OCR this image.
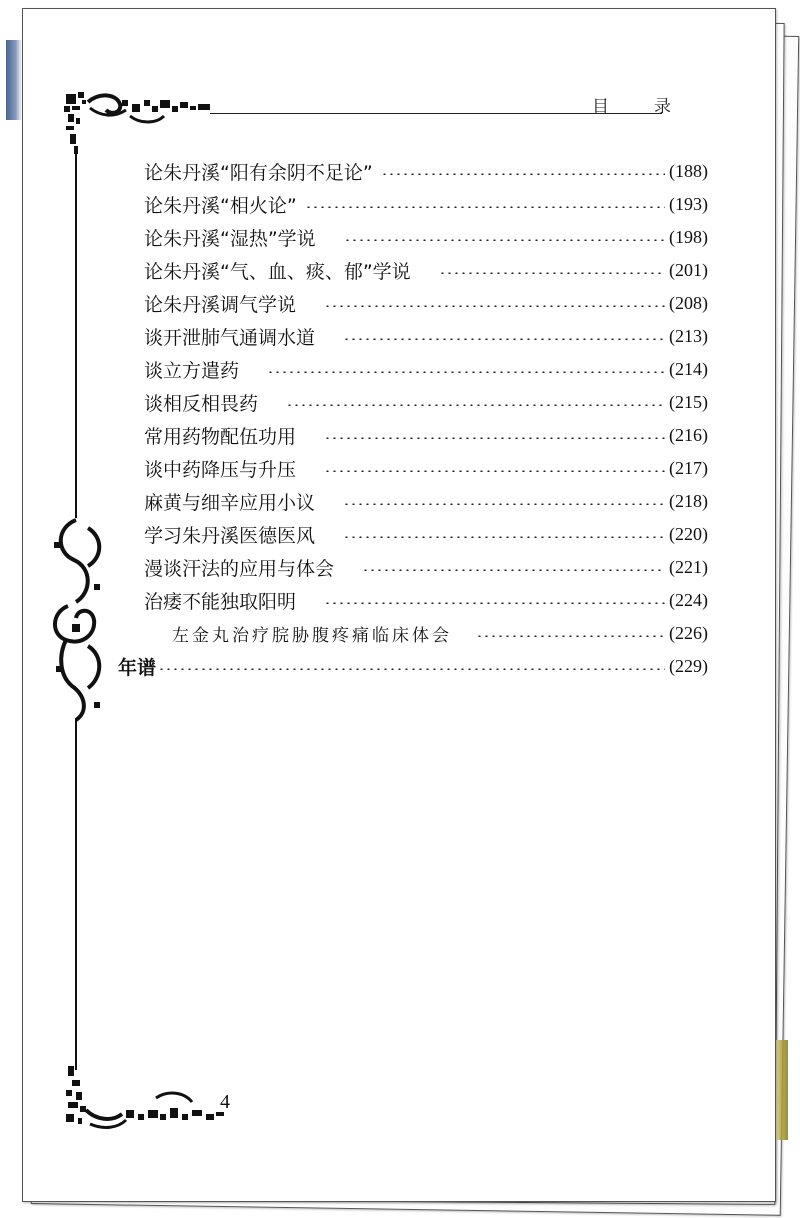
目　录
论朱丹溪“阳有余阴不足论”	(188)
论朱丹溪“相火论”	(193)
论朱丹溪“湿热”学说	(198)
论朱丹溪“气、血、痰、郁”学说	(201)
论朱丹溪调气学说	(208)
谈开泄肺气通调水道	(213)
谈立方遣药	(214)
谈相反相畏药	(215)
常用药物配伍功用	(216)
谈中药降压与升压	(217)
麻黄与细辛应用小议	(218)
学习朱丹溪医德医风	(220)
漫谈汗法的应用与体会	(221)
治痿不能独取阳明	(224)
左金丸治疗脘胁腹疼痛临床体会	(226)
年谱	(229)
4
